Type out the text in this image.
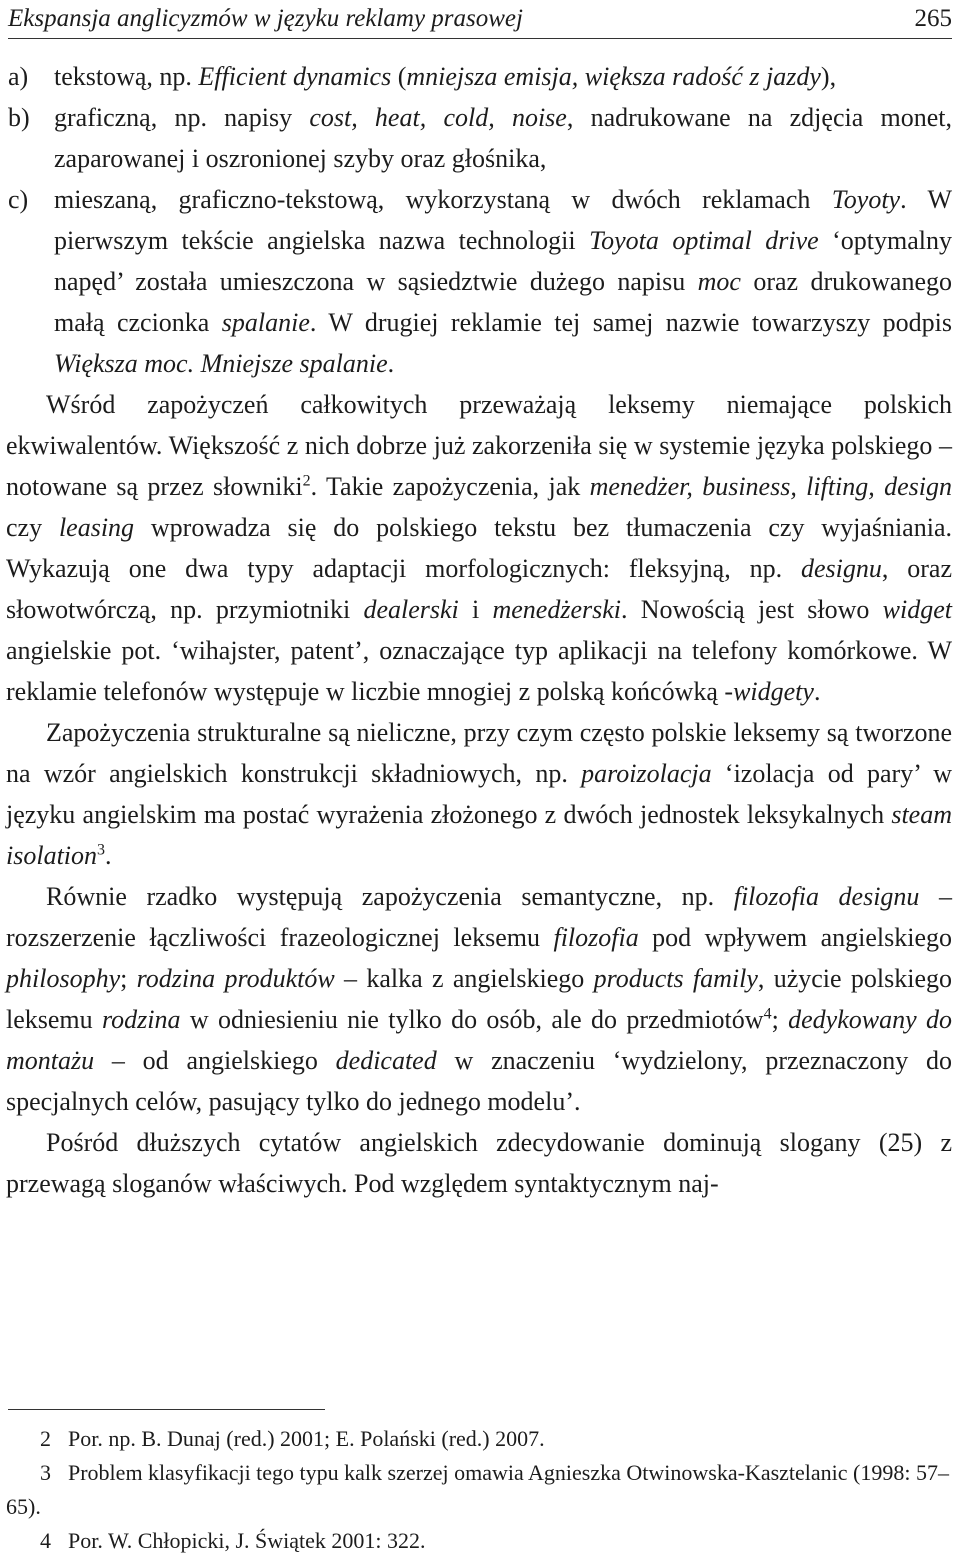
Ekspansja anglicyzmów w języku reklamy prasowej	265
a) tekstową, np. Efficient dynamics (mniejsza emisja, większa radość z jazdy),
b) graficzną, np. napisy cost, heat, cold, noise, nadrukowane na zdjęcia monet, zaparowanej i oszronionej szyby oraz głośnika,
c) mieszaną, graficzno-tekstową, wykorzystaną w dwóch reklamach Toyoty. W pierwszym tekście angielska nazwa technologii Toyota optimal drive ‘optymalny napęd’ została umieszczona w sąsiedztwie dużego napisu moc oraz drukowanego małą czcionka spalanie. W drugiej reklamie tej samej nazwie towarzyszy podpis Większa moc. Mniejsze spalanie.

Wśród zapożyczeń całkowitych przeważają leksemy niemające polskich ekwiwalentów. Większość z nich dobrze już zakorzeniła się w systemie języka polskiego – notowane są przez słowniki$^2$. Takie zapożyczenia, jak menedżer, business, lifting, design czy leasing wprowadza się do polskiego tekstu bez tłumaczenia czy wyjaśniania. Wykazują one dwa typy adaptacji morfologicznych: fleksyjną, np. designu, oraz słowotwórczą, np. przymiotniki dealerski i menedżerski. Nowością jest słowo widget angielskie pot. ‘wihajster, patent’, oznaczające typ aplikacji na telefony komórkowe. W reklamie telefonów występuje w liczbie mnogiej z polską końcówką -widgety.

Zapożyczenia strukturalne są nieliczne, przy czym często polskie leksemy są tworzone na wzór angielskich konstrukcji składniowych, np. paroizolacja ‘izolacja od pary’ w języku angielskim ma postać wyrażenia złożonego z dwóch jednostek leksykalnych steam isolation$^3$.

Równie rzadko występują zapożyczenia semantyczne, np. filozofia designu – rozszerzenie łączliwości frazeologicznej leksemu filozofia pod wpływem angielskiego philosophy; rodzina produktów – kalka z angielskiego products family, użycie polskiego leksemu rodzina w odniesieniu nie tylko do osób, ale do przedmiotów$^4$; dedykowany do montażu – od angielskiego dedicated w znaczeniu ‘wydzielony, przeznaczony do specjalnych celów, pasujący tylko do jednego modelu’.

Pośród dłuższych cytatów angielskich zdecydowanie dominują slogany (25) z przewagą sloganów właściwych. Pod względem syntaktycznym naj-

2 Por. np. B. Dunaj (red.) 2001; E. Polański (red.) 2007.

3 Problem klasyfikacji tego typu kalk szerzej omawia Agnieszka Otwinowska-Kasztelanic (1998: 57–65).

4 Por. W. Chłopicki, J. Świątek 2001: 322.
